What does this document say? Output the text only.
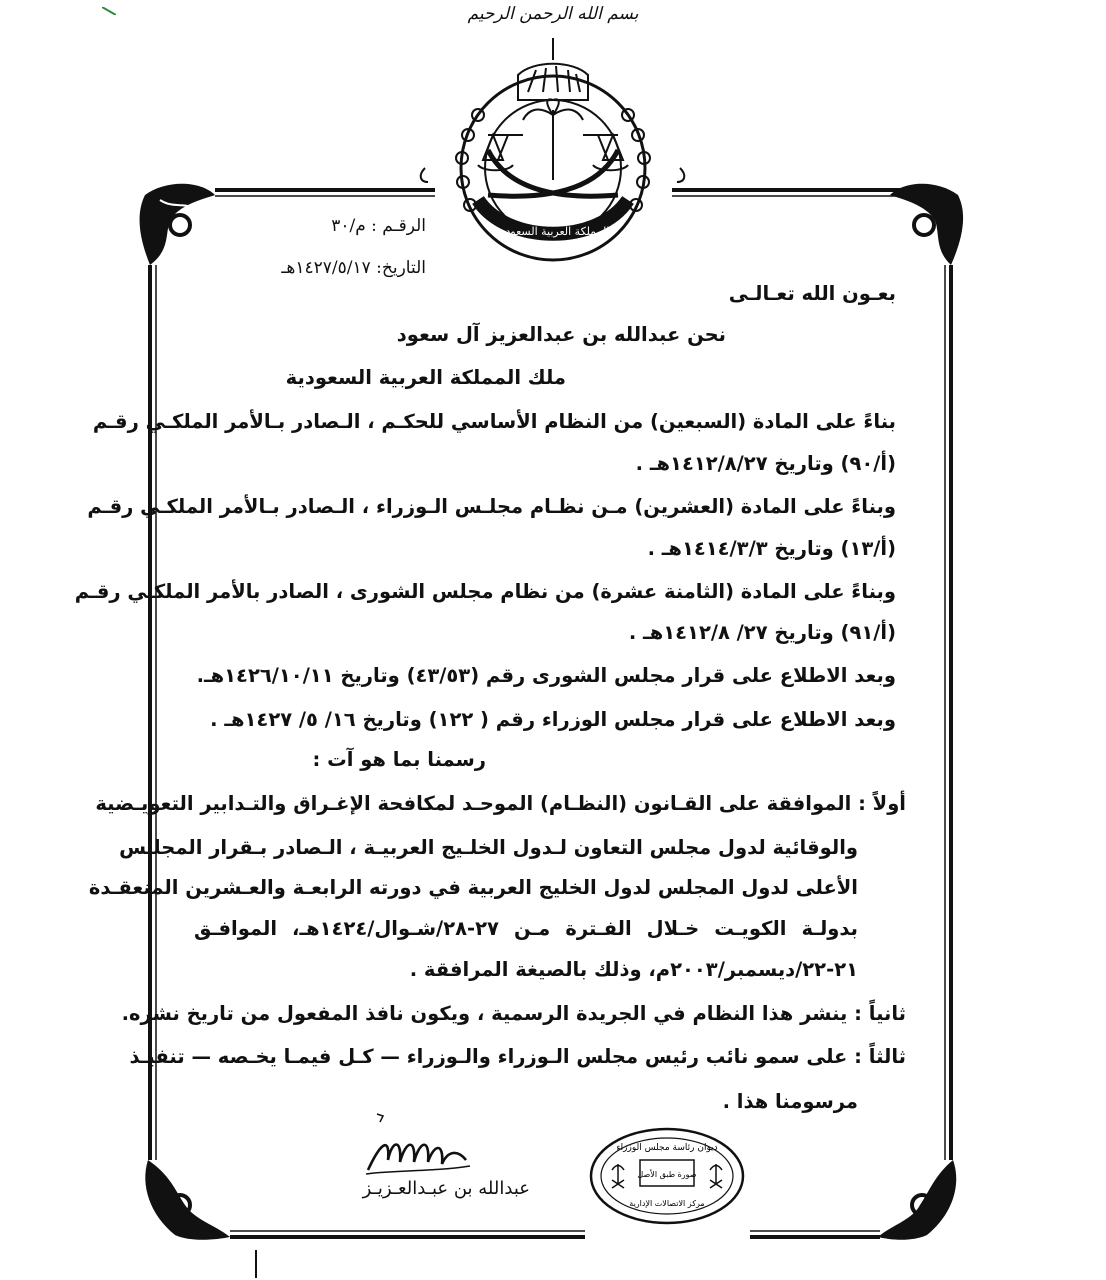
بسم الله الرحمن الرحيم
المملكة العربية السعودية
الرقـم : م/٣٠
التاريخ: ١٤٢٧/٥/١٧هـ
بعـون الله تعـالـى
نحن عبدالله بن عبدالعزيز آل سعود
ملك المملكة العربية السعودية
بناءً على المادة (السبعين) من النظام الأساسي للحكـم ، الـصادر بـالأمر الملكـي رقـم
(أ/٩٠) وتاريخ ١٤١٢/٨/٢٧هـ .
وبناءً على المادة (العشرين) مـن نظـام مجلـس الـوزراء ، الـصادر بـالأمر الملكـي رقـم
(أ/١٣) وتاريخ ١٤١٤/٣/٣هـ .
وبناءً على المادة (الثامنة عشرة) من نظام مجلس الشورى ، الصادر بالأمر الملكـي رقـم
(أ/٩١) وتاريخ ٢٧/ ١٤١٢/٨هـ .
وبعد الاطلاع على قرار مجلس الشورى رقم (٤٣/٥٣) وتاريخ ١٤٢٦/١٠/١١هـ.
وبعد الاطلاع على قرار مجلس الوزراء رقم ( ١٢٢) وتاريخ ١٦/ ٥/ ١٤٢٧هـ .
رسمنا بما هو آت :
أولاً : الموافقة على القـانون (النظـام) الموحـد لمكافحة الإغـراق والتـدابير التعويـضية
والوقائية لدول مجلس التعاون لـدول الخلـيج العربيـة ، الـصادر بـقرار المجلـس
الأعلى لدول المجلس لدول الخليج العربية في دورته الرابعـة والعـشرين المنعقـدة
بدولـة الكويـت خـلال الفـترة مـن ٢٧-٢٨/شـوال/١٤٢٤هـ، الموافـق
٢١-٢٢/ديسمبر/٢٠٠٣م، وذلك بالصيغة المرافقة .
ثانياً : ينشر هذا النظام في الجريدة الرسمية ، ويكون نافذ المفعول من تاريخ نشره.
ثالثاً : على سمو نائب رئيس مجلس الـوزراء والـوزراء — كـل فيمـا يخـصه — تنفيـذ
مرسومنا هذا .
ديوان رئاسة مجلس الوزراء
صورة طبق الأصل
مركز الاتصالات الإدارية
عبدالله بن عبـدالعـزيـز
